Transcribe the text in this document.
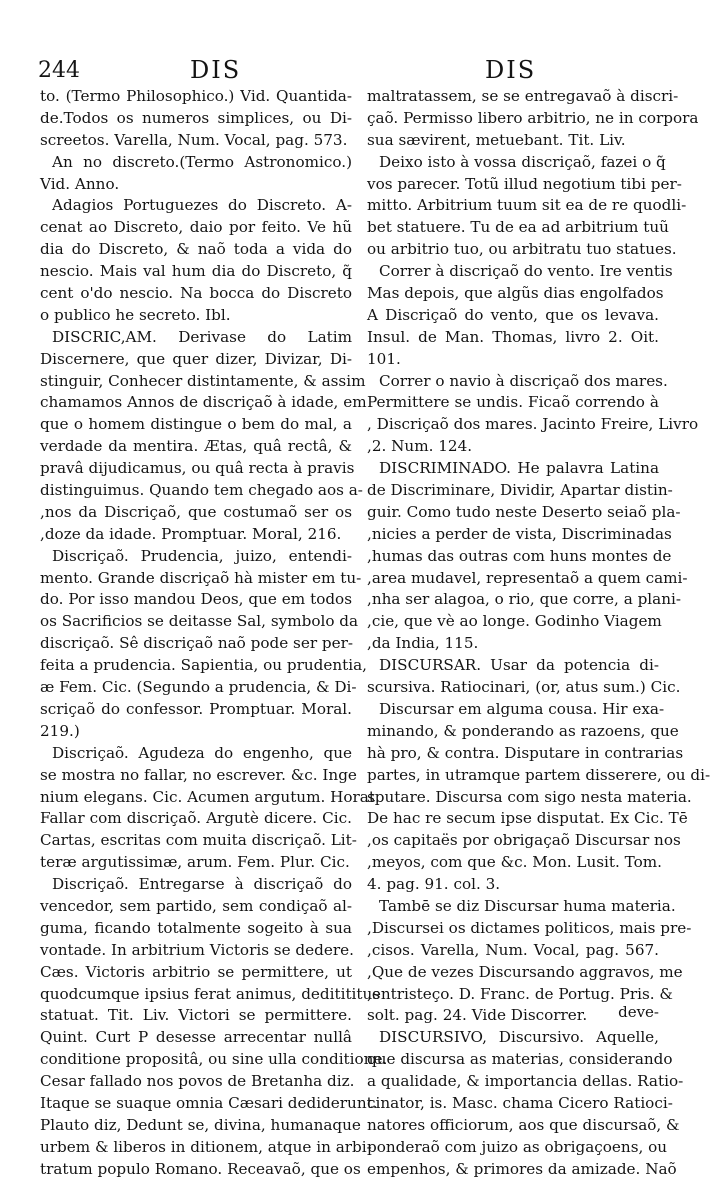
244	DIS	DIS
to. (Termo Philosophico.) Vid. Quantida-
de.Todos os numeros simplices, ou Di-
screetos. Varella, Num. Vocal, pag. 573.
An no discreto.(Termo Astronomico.)
Vid. Anno.
Adagios Portuguezes do Discreto. A-
cenat ao Discreto, daio por feito. Ve hũ
dia do Discreto, & naõ toda a vida do
nescio. Mais val hum dia do Discreto, q̃
cent o'do nescio. Na bocca do Discreto
o publico he secreto. Ibl.
DISCRIC,AM. Derivase do Latim
Discernere, que quer dizer, Divizar, Di-
stinguir, Conhecer distintamente, & assim
chamamos Annos de discriçaõ à idade, em
que o homem distingue o bem do mal, a
verdade da mentira. Ætas, quâ rectâ, &
pravâ dijudicamus, ou quâ recta à pravis
distinguimus. Quando tem chegado aos a-
,nos da Discriçaõ, que costumaõ ser os
,doze da idade. Promptuar. Moral, 216.
Discriçaõ. Prudencia, juizo, entendi-
mento. Grande discriçaõ hà mister em tu-
do. Por isso mandou Deos, que em todos
os Sacrificios se deitasse Sal, symbolo da
discriçaõ. Sê discriçaõ naõ pode ser per-
feita a prudencia. Sapientia, ou prudentia,
æ Fem. Cic. (Segundo a prudencia, & Di-
scriçaõ do confessor. Promptuar. Moral.
219.)
Discriçaõ. Agudeza do engenho, que
se mostra no fallar, no escrever. &c. Inge
nium elegans. Cic. Acumen argutum. Horat.
Fallar com discriçaõ. Argutè dicere. Cic.
Cartas, escritas com muita discriçaõ. Lit-
teræ argutissimæ, arum. Fem. Plur. Cic.
Discriçaõ. Entregarse à discriçaõ do
vencedor, sem partido, sem condiçaõ al-
guma, ficando totalmente sogeito à sua
vontade. In arbitrium Victoris se dedere.
Cæs. Victoris arbitrio se permittere, ut
quodcumque ipsius ferat animus, deditititus
statuat. Tit. Liv. Victori se permittere.
Quint. Curt P desesse arrecentar nullâ
conditione propositâ, ou sine ulla conditione.
Cesar fallado nos povos de Bretanha diz.
Itaque se suaque omnia Cæsari dediderunt.
Plauto diz, Dedunt se, divina, humanaque
urbem & liberos in ditionem, atque in arbi-
tratum populo Romano. Receavaõ, que os
maltratassem, se se entregavaõ à discri-
çaõ. Permisso libero arbitrio, ne in corpora
sua sævirent, metuebant. Tit. Liv.
Deixo isto à vossa discriçaõ, fazei o q̃
vos parecer. Totũ illud negotium tibi per-
mitto. Arbitrium tuum sit ea de re quodli-
bet statuere. Tu de ea ad arbitrium tuũ
ou arbitrio tuo, ou arbitratu tuo statues.
Correr à discriçaõ do vento. Ire ventis
Mas depois, que algũs dias engolfados
A Discriçaõ do vento, que os levava.
Insul. de Man. Thomas, livro 2. Oit.
101.
Correr o navio à discriçaõ dos mares.
Permittere se undis. Ficaõ correndo à
, Discriçaõ dos mares. Jacinto Freire, Livro
,2. Num. 124.
DISCRIMINADO. He palavra Latina
de Discriminare, Dividir, Apartar distin-
guir. Como tudo neste Deserto seiaõ pla-
,nicies a perder de vista, Discriminadas
,humas das outras com huns montes de
,area mudavel, representaõ a quem cami-
,nha ser alagoa, o rio, que corre, a plani-
,cie, que vè ao longe. Godinho Viagem
,da India, 115.
DISCURSAR. Usar da potencia di-
scursiva. Ratiocinari, (or, atus sum.) Cic.
Discursar em alguma cousa. Hir exa-
minando, & ponderando as razoens, que
hà pro, & contra. Disputare in contrarias
partes, in utramque partem disserere, ou di-
sputare. Discursa com sigo nesta materia.
De hac re secum ipse disputat. Ex Cic. Tē
,os capitaës por obrigaçaõ Discursar nos
,meyos, com que &c. Mon. Lusit. Tom.
4. pag. 91. col. 3.
Tambē se diz Discursar huma materia.
,Discursei os dictames politicos, mais pre-
,cisos. Varella, Num. Vocal, pag. 567.
,Que de vezes Discursando aggravos, me
,entristeço. D. Franc. de Portug. Pris. &
solt. pag. 24. Vide Discorrer.
DISCURSIVO, Discursivo. Aquelle,
que discursa as materias, considerando
a qualidade, & importancia dellas. Ratio-
cinator, is. Masc. chama Cicero Ratioci-
natores officiorum, aos que discursaõ, &
ponderaõ com juizo as obrigaçoens, ou
empenhos, & primores da amizade. Naõ
deve-
